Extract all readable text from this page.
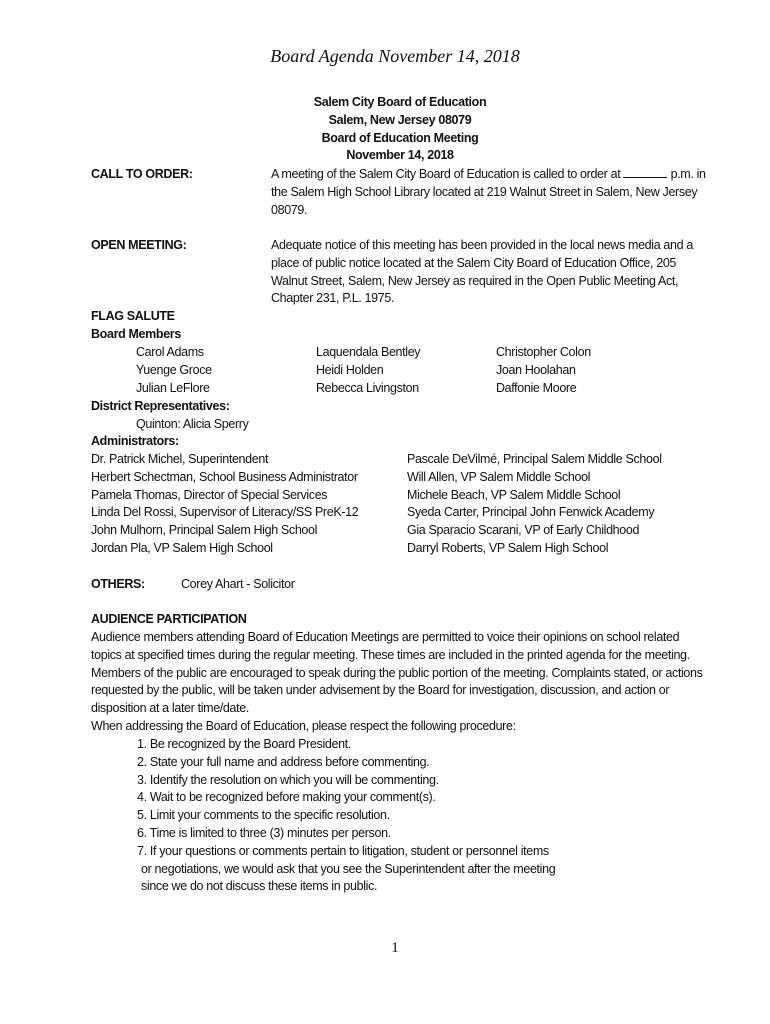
Board Agenda November 14, 2018
Salem City Board of Education
Salem, New Jersey 08079
Board of Education Meeting
November 14, 2018
CALL TO ORDER:	A meeting of the Salem City Board of Education is called to order at	p.m. in the Salem High School Library located at 219 Walnut Street in Salem, New Jersey 08079.
OPEN MEETING:	Adequate notice of this meeting has been provided in the local news media and a place of public notice located at the Salem City Board of Education Office, 205 Walnut Street, Salem, New Jersey as required in the Open Public Meeting Act, Chapter 231, P.L. 1975.
FLAG SALUTE
Board Members
Carol Adams	Laquendala Bentley	Christopher Colon
Yuenge Groce	Heidi Holden	Joan Hoolahan
Julian LeFlore	Rebecca Livingston	Daffonie Moore
District Representatives:
Quinton: Alicia Sperry
Administrators:
Dr. Patrick Michel, Superintendent	Pascale DeVilmé, Principal Salem Middle School
Herbert Schectman, School Business Administrator	Will Allen, VP Salem Middle School
Pamela Thomas, Director of Special Services	Michele Beach, VP Salem Middle School
Linda Del Rossi, Supervisor of Literacy/SS PreK-12	Syeda Carter, Principal John Fenwick Academy
John Mulhorn, Principal Salem High School	Gia Sparacio Scarani, VP of Early Childhood
Jordan Pla, VP Salem High School	Darryl Roberts, VP Salem High School
OTHERS:	Corey Ahart - Solicitor
AUDIENCE PARTICIPATION
Audience members attending Board of Education Meetings are permitted to voice their opinions on school related topics at specified times during the regular meeting. These times are included in the printed agenda for the meeting. Members of the public are encouraged to speak during the public portion of the meeting. Complaints stated, or actions requested by the public, will be taken under advisement by the Board for investigation, discussion, and action or disposition at a later time/date.
When addressing the Board of Education, please respect the following procedure:
1. Be recognized by the Board President.
2. State your full name and address before commenting.
3. Identify the resolution on which you will be commenting.
4. Wait to be recognized before making your comment(s).
5. Limit your comments to the specific resolution.
6. Time is limited to three (3) minutes per person.
7. If your questions or comments pertain to litigation, student or personnel items
or negotiations, we would ask that you see the Superintendent after the meeting
since we do not discuss these items in public.
1
